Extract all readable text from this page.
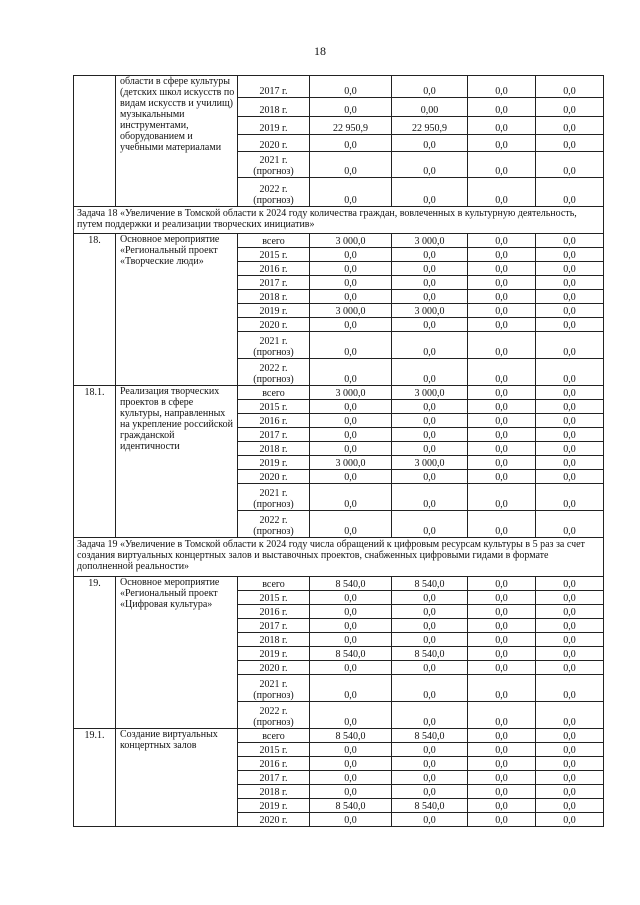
18
	области в сфере культуры (детских школ искусств по видам искусств и училищ) музыкальными инструментами, оборудованием и учебными материалами	2017 г.	0,0	0,0	0,0	0,0
		2018 г.	0,0	0,00	0,0	0,0
		2019 г.	22 950,9	22 950,9	0,0	0,0
		2020 г.	0,0	0,0	0,0	0,0
		2021 г. (прогноз)	0,0	0,0	0,0	0,0
		2022 г. (прогноз)	0,0	0,0	0,0	0,0
Задача 18 «Увеличение в Томской области к 2024 году количества граждан, вовлеченных в культурную деятельность, путем поддержки и реализации творческих инициатив»						
18.	Основное мероприятие «Региональный проект «Творческие люди»	всего	3 000,0	3 000,0	0,0	0,0
		2015 г.	0,0	0,0	0,0	0,0
		2016 г.	0,0	0,0	0,0	0,0
		2017 г.	0,0	0,0	0,0	0,0
		2018 г.	0,0	0,0	0,0	0,0
		2019 г.	3 000,0	3 000,0	0,0	0,0
		2020 г.	0,0	0,0	0,0	0,0
		2021 г. (прогноз)	0,0	0,0	0,0	0,0
		2022 г. (прогноз)	0,0	0,0	0,0	0,0
18.1.	Реализация творческих проектов в сфере культуры, направленных на укрепление российской гражданской идентичности	всего	3 000,0	3 000,0	0,0	0,0
		2015 г.	0,0	0,0	0,0	0,0
		2016 г.	0,0	0,0	0,0	0,0
		2017 г.	0,0	0,0	0,0	0,0
		2018 г.	0,0	0,0	0,0	0,0
		2019 г.	3 000,0	3 000,0	0,0	0,0
		2020 г.	0,0	0,0	0,0	0,0
		2021 г. (прогноз)	0,0	0,0	0,0	0,0
		2022 г. (прогноз)	0,0	0,0	0,0	0,0
Задача 19 «Увеличение в Томской области к 2024 году числа обращений к цифровым ресурсам культуры в 5 раз за счет создания виртуальных концертных залов и выставочных проектов, снабженных цифровыми гидами в формате дополненной реальности»						
19.	Основное мероприятие «Региональный проект «Цифровая культура»	всего	8 540,0	8 540,0	0,0	0,0
		2015 г.	0,0	0,0	0,0	0,0
		2016 г.	0,0	0,0	0,0	0,0
		2017 г.	0,0	0,0	0,0	0,0
		2018 г.	0,0	0,0	0,0	0,0
		2019 г.	8 540,0	8 540,0	0,0	0,0
		2020 г.	0,0	0,0	0,0	0,0
		2021 г. (прогноз)	0,0	0,0	0,0	0,0
		2022 г. (прогноз)	0,0	0,0	0,0	0,0
19.1.	Создание виртуальных концертных залов	всего	8 540,0	8 540,0	0,0	0,0
		2015 г.	0,0	0,0	0,0	0,0
		2016 г.	0,0	0,0	0,0	0,0
		2017 г.	0,0	0,0	0,0	0,0
		2018 г.	0,0	0,0	0,0	0,0
		2019 г.	8 540,0	8 540,0	0,0	0,0
		2020 г.	0,0	0,0	0,0	0,0
